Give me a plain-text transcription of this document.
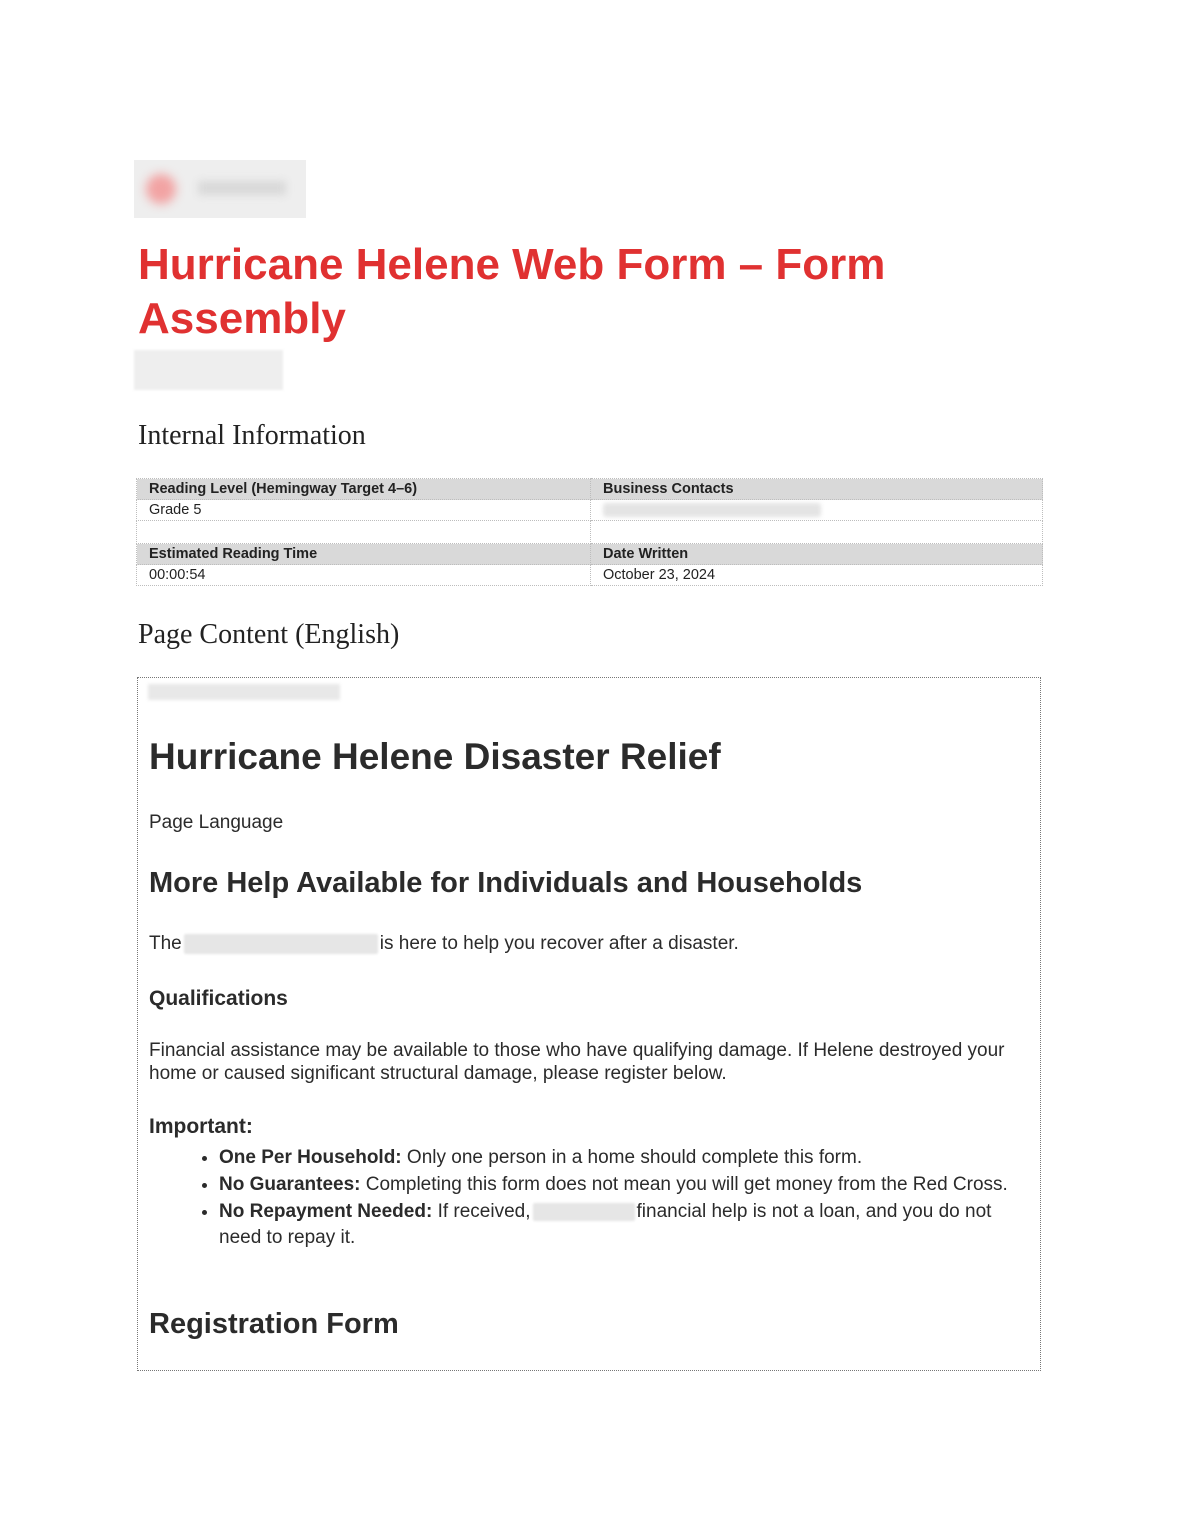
Hurricane Helene Web Form – Form Assembly
Internal Information
Reading Level (Hemingway Target 4–6)	Business Contacts
Grade 5	

Estimated Reading Time	Date Written
00:00:54	October 23, 2024
Page Content (English)
Hurricane Helene Disaster Relief

Page Language

More Help Available for Individuals and Households

The	is here to help you recover after a disaster.

Qualifications

Financial assistance may be available to those who have qualifying damage. If Helene destroyed your home or caused significant structural damage, please register below.

Important:

• One Per Household: Only one person in a home should complete this form.
• No Guarantees: Completing this form does not mean you will get money from the Red Cross.
• No Repayment Needed: If received,	financial help is not a loan, and you do not need to repay it.
Registration Form
